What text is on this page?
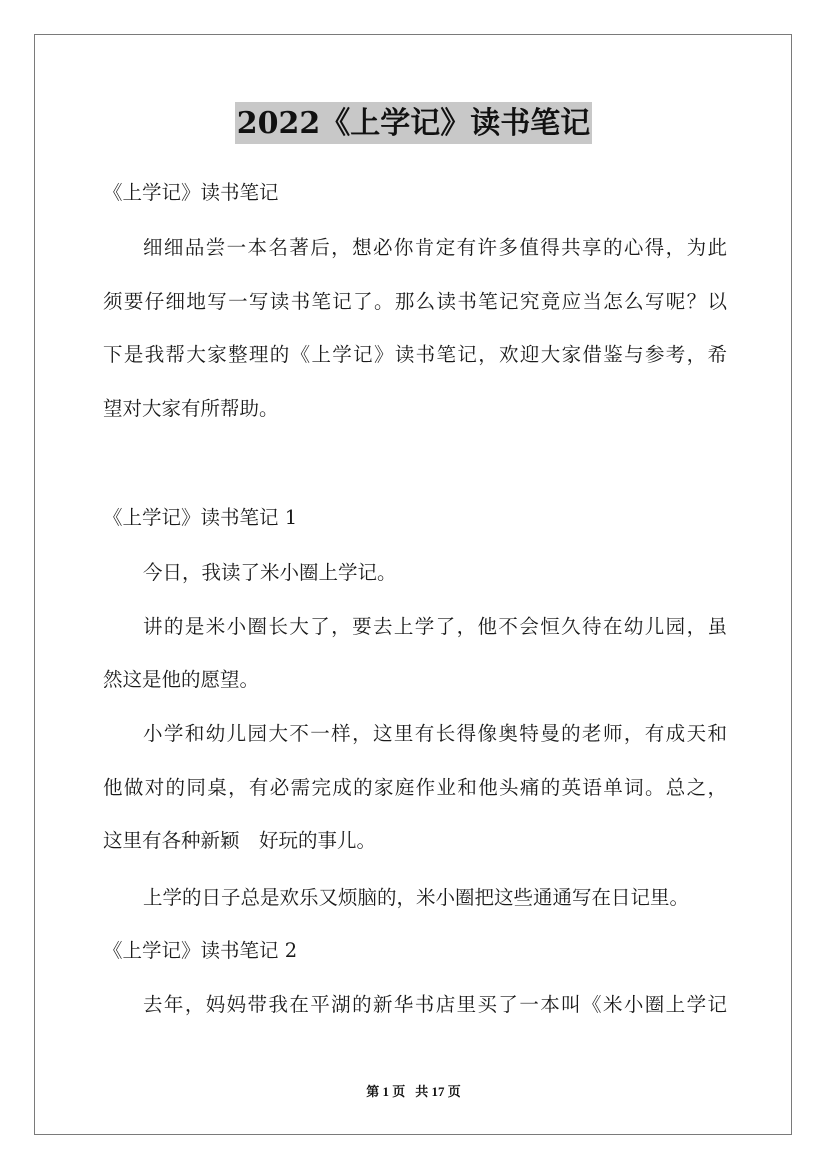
2022《上学记》读书笔记
《上学记》读书笔记
细细品尝一本名著后，想必你肯定有许多值得共享的心得，为此
须要仔细地写一写读书笔记了。那么读书笔记究竟应当怎么写呢？以
下是我帮大家整理的《上学记》读书笔记，欢迎大家借鉴与参考，希
望对大家有所帮助。
《上学记》读书笔记 1
今日，我读了米小圈上学记。
讲的是米小圈长大了，要去上学了，他不会恒久待在幼儿园，虽
然这是他的愿望。
小学和幼儿园大不一样，这里有长得像奥特曼的老师，有成天和
他做对的同桌，有必需完成的家庭作业和他头痛的英语单词。总之，
这里有各种新颖　好玩的事儿。
上学的日子总是欢乐又烦脑的，米小圈把这些通通写在日记里。
《上学记》读书笔记 2
去年，妈妈带我在平湖的新华书店里买了一本叫《米小圈上学记
第 1 页 共 17 页
